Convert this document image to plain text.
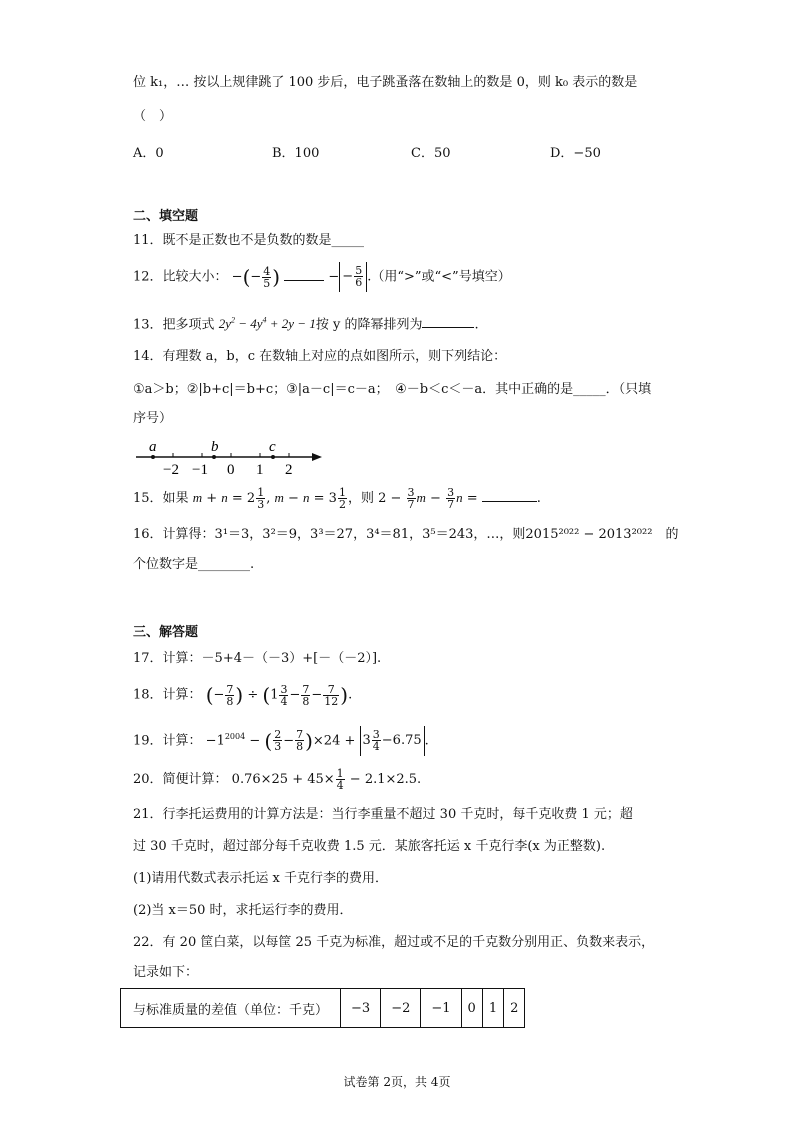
位 k₁，… 按以上规律跳了 100 步后，电子跳蚤落在数轴上的数是 0，则 k₀ 表示的数是
（　）
A．0	B．100	C．50	D．−50
二、填空题
11．既不是正数也不是负数的数是_____
12．比较大小： −(− $\frac{4}{5}$ )	− − $\frac{5}{6}$ .（用“>”或“<”号填空）
13．把多项式 $2y^2 - 4y^4 + 2y - 1$按 y 的降幂排列为	.
14．有理数 a，b，c 在数轴上对应的点如图所示，则下列结论：
①a＞b；②|b+c|＝b+c；③|a－c|＝c－a；　④－b＜c＜－a．其中正确的是_____．（只填
序号）
a	b	c
−2 −1 0 1 2
15．如果 $m + n = 2 \frac{1}{3}$ , $m - n = 3 \frac{1}{2}$ ，则 $2 - \frac{3}{7}$ $m - \frac{3}{7}$ n =	.
16．计算得：3¹＝3，3²＝9，3³＝27，3⁴＝81，3⁵＝243，…，则2015²⁰²² − 2013²⁰²²　 的
个位数字是________.
三、解答题
17．计算：－5+4－（－3）+[－（－2）].
18．计算： (− $\frac{7}{8}$ ) ÷ ($1 \frac{3}{4} - \frac{7}{8} - \frac{7}{12}$ ).
19．计算： $-1^{2004}$ − ( $\frac{2}{3} - \frac{7}{8} )\times 24 + 3 \frac{3}{4} -6.75$ .
20．简便计算： $0.76\times 25 + 45\times \frac{1}{4} - 2.1\times 2.5$.
21．行李托运费用的计算方法是：当行李重量不超过 30 千克时，每千克收费 1 元；超
过 30 千克时，超过部分每千克收费 1.5 元．某旅客托运 x 千克行李(x 为正整数).
(1)请用代数式表示托运 x 千克行李的费用．
(2)当 x＝50 时，求托运行李的费用．
22．有 20 筐白菜，以每筐 25 千克为标准，超过或不足的千克数分别用正、负数来表示，
记录如下：
与标准质量的差值（单位：千克）	−3	−2	−1	0	1	2
试卷第 2页，共 4页
